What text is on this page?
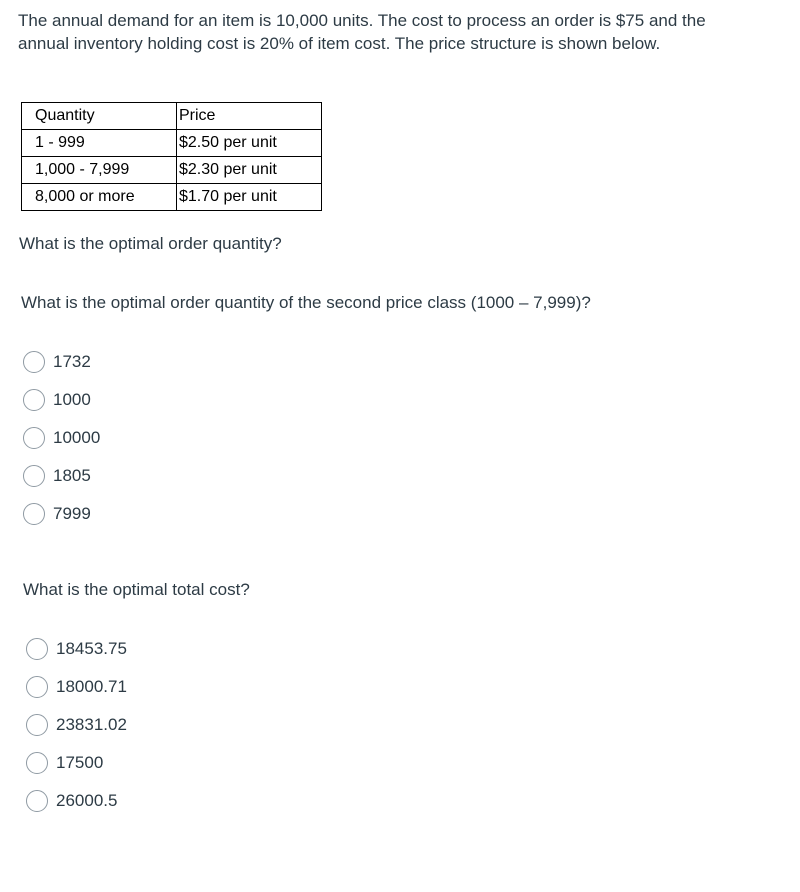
The annual demand for an item is 10,000 units. The cost to process an order is $75 and the annual inventory holding cost is 20% of item cost. The price structure is shown below.

Quantity	Price
1 - 999	$2.50 per unit
1,000 - 7,999	$2.30 per unit
8,000 or more	$1.70 per unit

What is the optimal order quantity?

What is the optimal order quantity of the second price class (1000 – 7,999)?

1732
1000
10000
1805
7999

What is the optimal total cost?

18453.75
18000.71
23831.02
17500
26000.5
